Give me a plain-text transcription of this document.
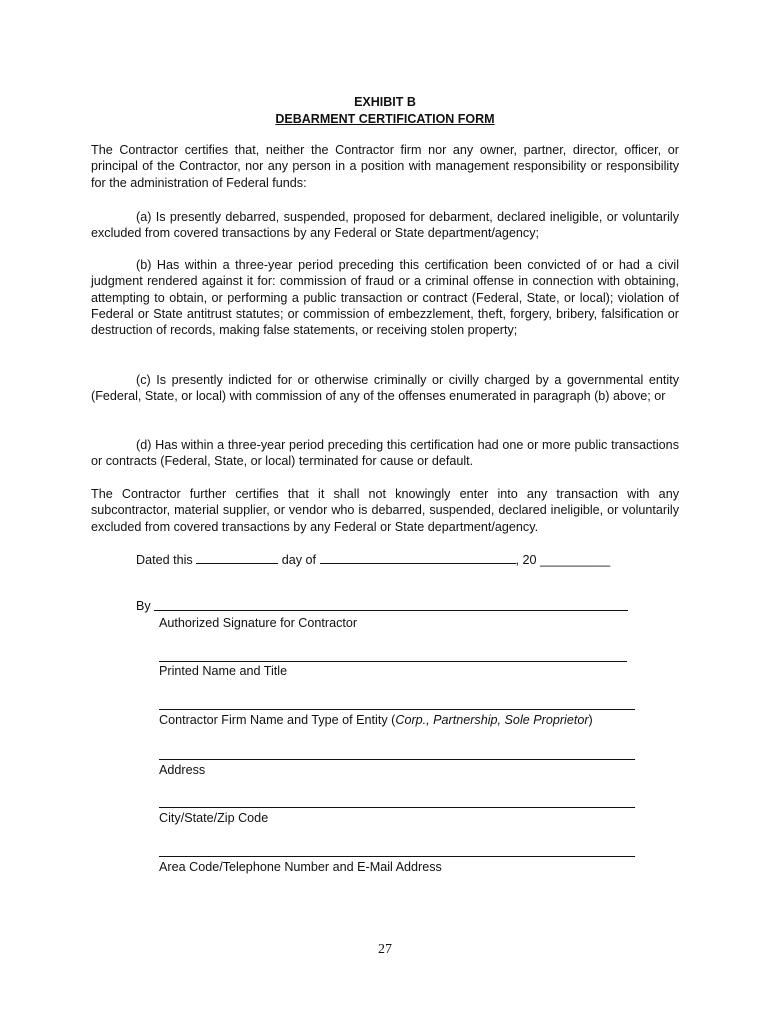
EXHIBIT B
DEBARMENT CERTIFICATION FORM

The Contractor certifies that, neither the Contractor firm nor any owner, partner, director, officer, or principal of the Contractor, nor any person in a position with management responsibility or responsibility for the administration of Federal funds:

(a) Is presently debarred, suspended, proposed for debarment, declared ineligible, or voluntarily excluded from covered transactions by any Federal or State department/agency;

(b) Has within a three-year period preceding this certification been convicted of or had a civil judgment rendered against it for: commission of fraud or a criminal offense in connection with obtaining, attempting to obtain, or performing a public transaction or contract (Federal, State, or local); violation of Federal or State antitrust statutes; or commission of embezzlement, theft, forgery, bribery, falsification or destruction of records, making false statements, or receiving stolen property;

(c) Is presently indicted for or otherwise criminally or civilly charged by a governmental entity (Federal, State, or local) with commission of any of the offenses enumerated in paragraph (b) above; or

(d) Has within a three-year period preceding this certification had one or more public transactions or contracts (Federal, State, or local) terminated for cause or default.

The Contractor further certifies that it shall not knowingly enter into any transaction with any subcontractor, material supplier, or vendor who is debarred, suspended, declared ineligible, or voluntarily excluded from covered transactions by any Federal or State department/agency.

Dated this	day of	, 20 __________
By
Authorized Signature for Contractor
Printed Name and Title
Contractor Firm Name and Type of Entity (Corp., Partnership, Sole Proprietor)
Address
City/State/Zip Code
Area Code/Telephone Number and E-Mail Address
27
